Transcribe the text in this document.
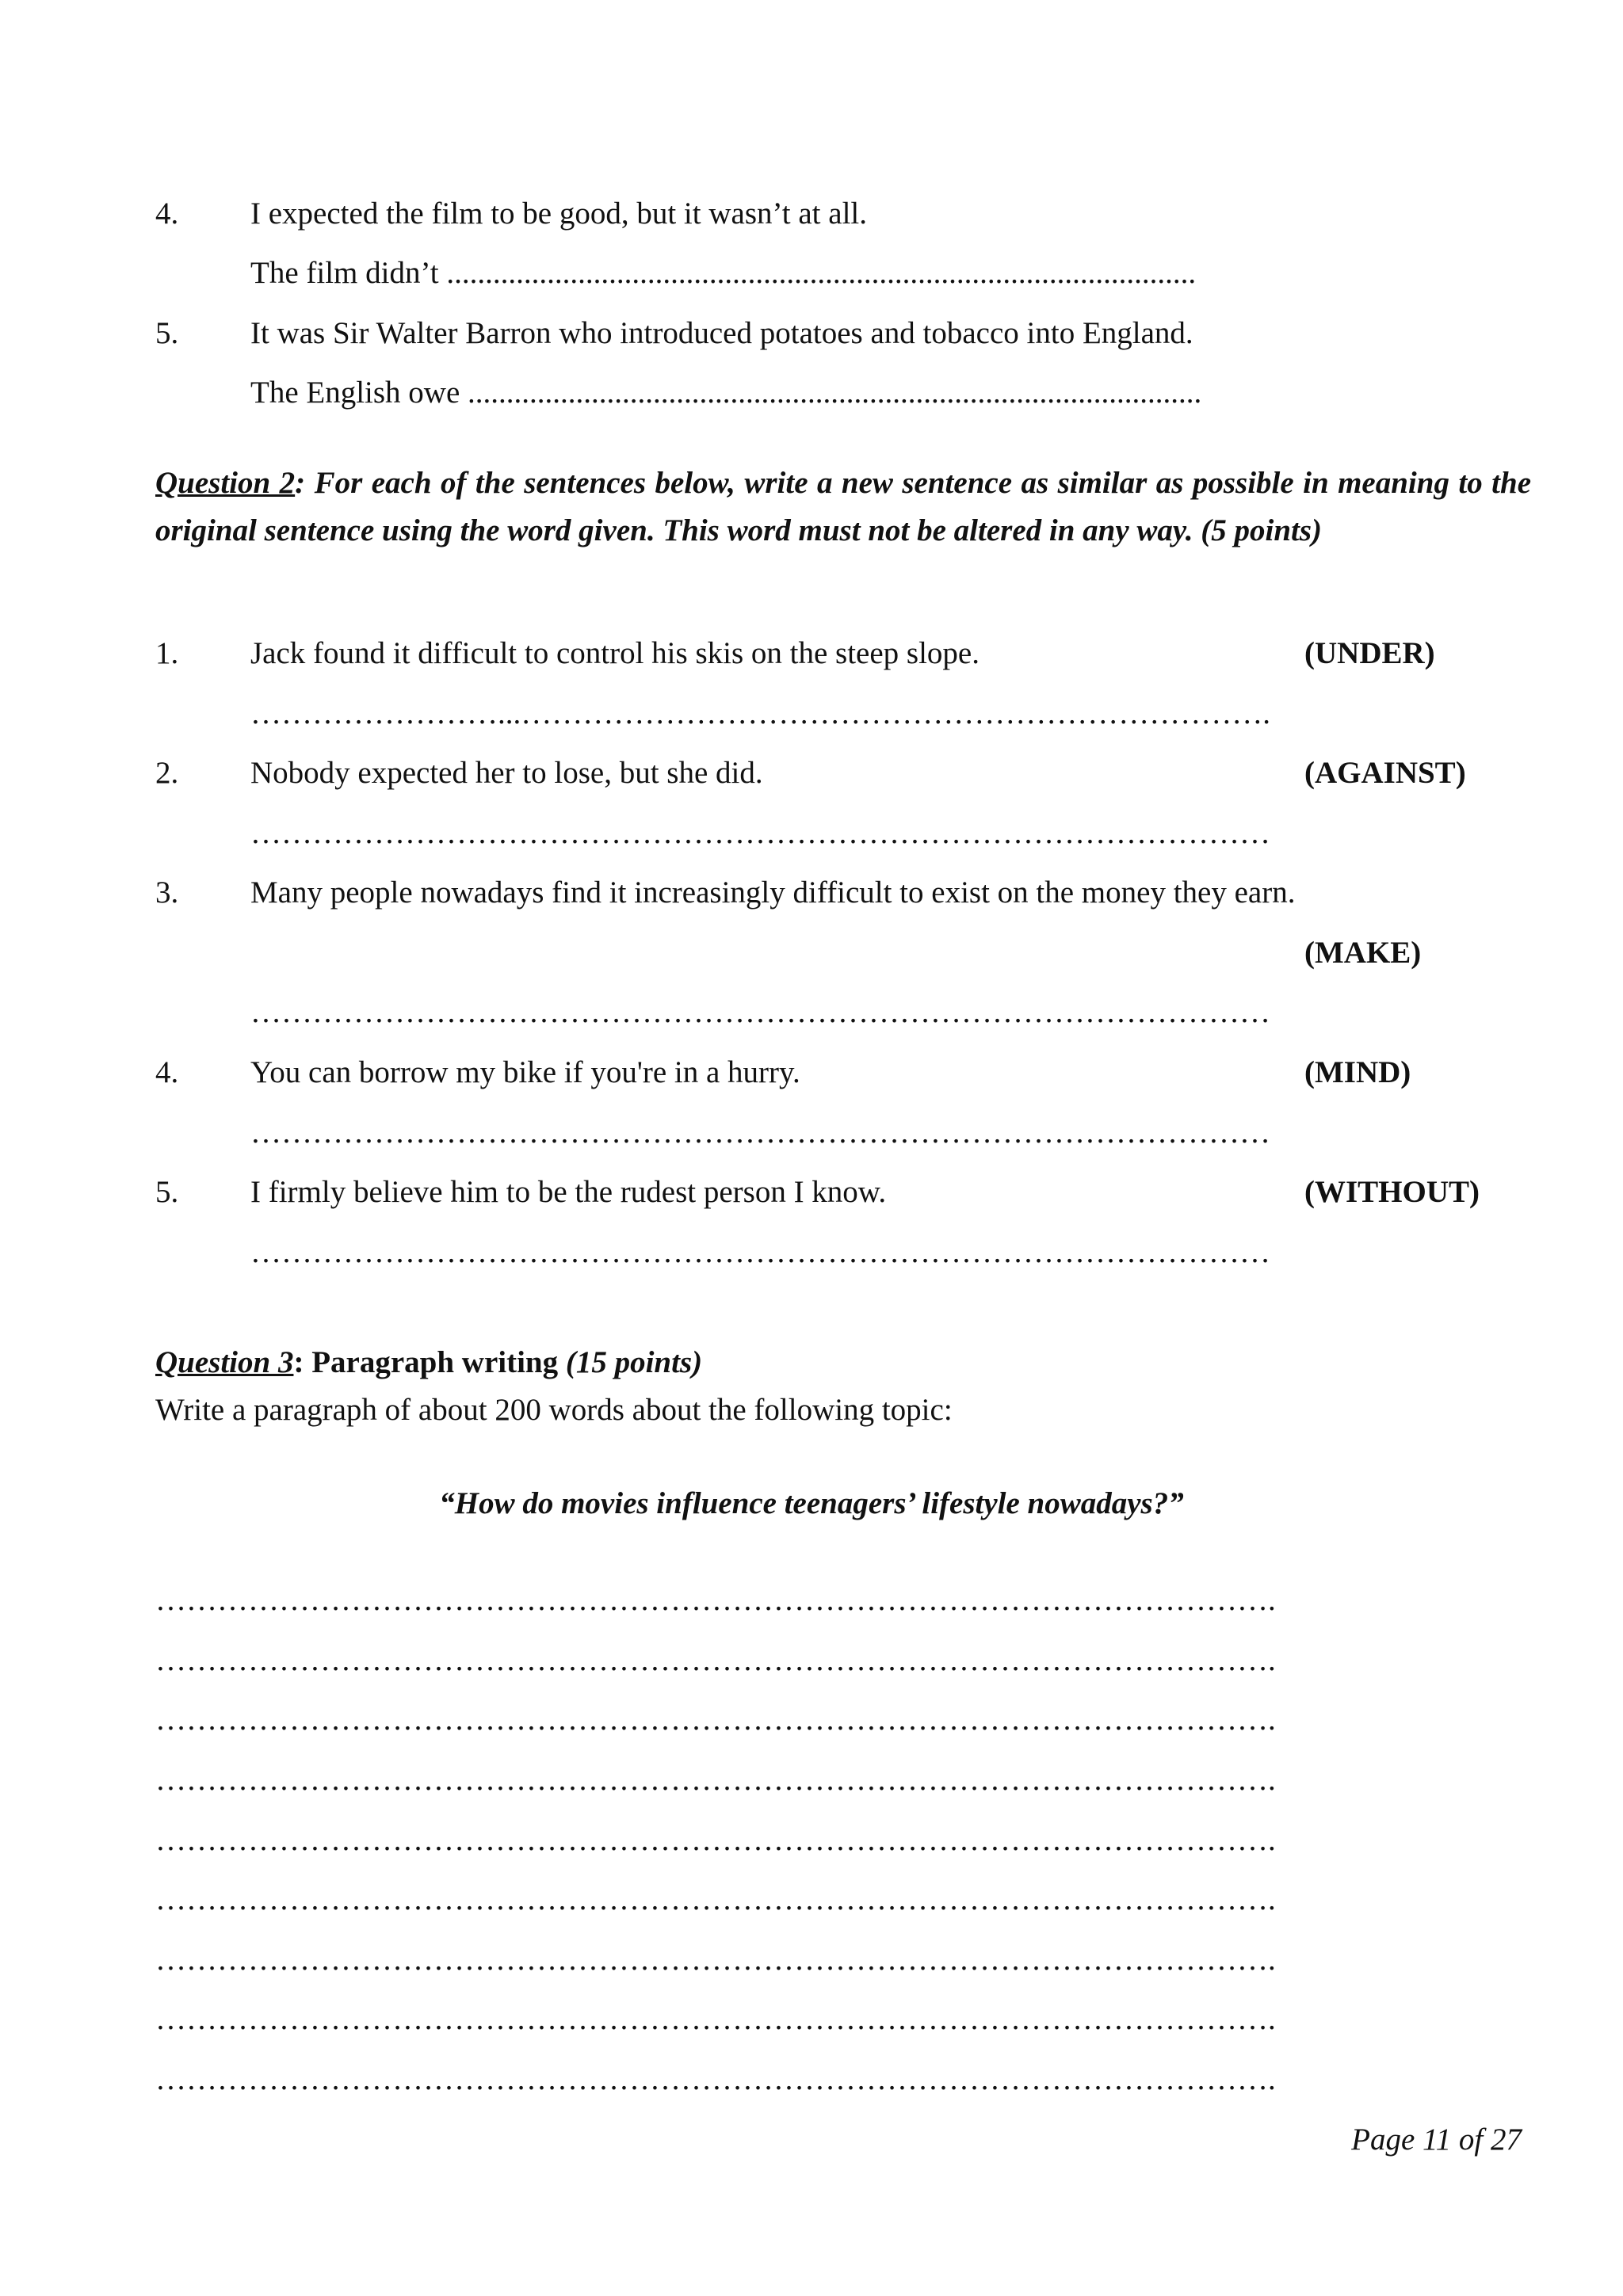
4. I expected the film to be good, but it wasn’t at all.
The film didn’t .................................................................................................
5. It was Sir Walter Barron who introduced potatoes and tobacco into England.
The English owe ...............................................................................................
Question 2: For each of the sentences below, write a new sentence as similar as possible in meaning to the original sentence using the word given. This word must not be altered in any way. (5 points)
1. Jack found it difficult to control his skis on the steep slope.	(UNDER)
……………………...……………………………………………………………….
2. Nobody expected her to lose, but she did.	(AGAINST)
………………………………………………………………………………………
3. Many people nowadays find it increasingly difficult to exist on the money they earn.
(MAKE)
………………………………………………………………………………………
4. You can borrow my bike if you're in a hurry.	(MIND)
………………………………………………………………………………………
5. I firmly believe him to be the rudest person I know.	(WITHOUT)
………………………………………………………………………………………
Question 3: Paragraph writing (15 points)
Write a paragraph of about 200 words about the following topic:
“How do movies influence teenagers’ lifestyle nowadays?”
……………………………………………………………………………………………….
……………………………………………………………………………………………….
……………………………………………………………………………………………….
……………………………………………………………………………………………….
……………………………………………………………………………………………….
……………………………………………………………………………………………….
……………………………………………………………………………………………….
……………………………………………………………………………………………….
……………………………………………………………………………………………….
Page 11 of 27
